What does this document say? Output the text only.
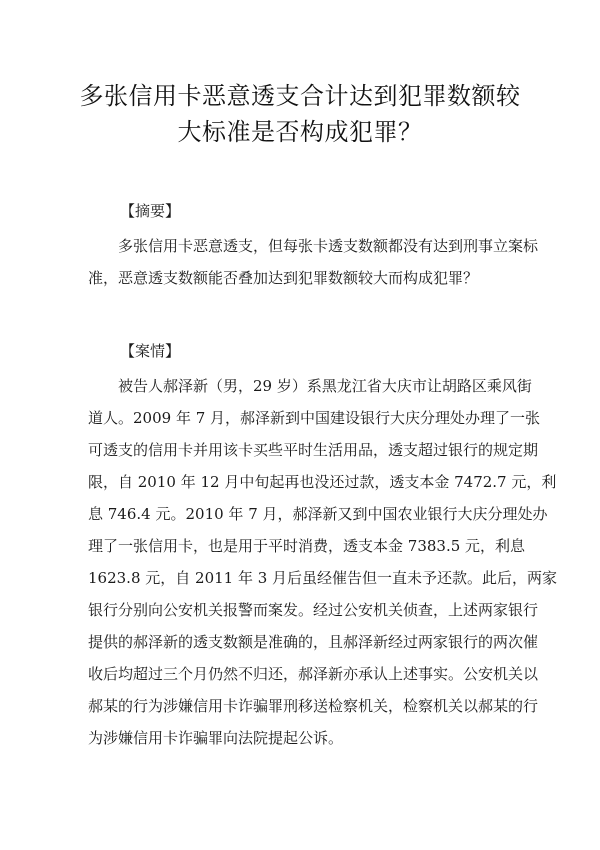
多张信用卡恶意透支合计达到犯罪数额较
大标准是否构成犯罪？
【摘要】
多张信用卡恶意透支，但每张卡透支数额都没有达到刑事立案标
准，恶意透支数额能否叠加达到犯罪数额较大而构成犯罪？
【案情】
被告人郝泽新（男，29 岁）系黑龙江省大庆市让胡路区乘风街
道人。2009 年 7 月，郝泽新到中国建设银行大庆分理处办理了一张
可透支的信用卡并用该卡买些平时生活用品，透支超过银行的规定期
限，自 2010 年 12 月中旬起再也没还过款，透支本金 7472.7 元，利
息 746.4 元。2010 年 7 月，郝泽新又到中国农业银行大庆分理处办
理了一张信用卡，也是用于平时消费，透支本金 7383.5 元，利息
1623.8 元，自 2011 年 3 月后虽经催告但一直未予还款。此后，两家
银行分别向公安机关报警而案发。经过公安机关侦查，上述两家银行
提供的郝泽新的透支数额是准确的，且郝泽新经过两家银行的两次催
收后均超过三个月仍然不归还，郝泽新亦承认上述事实。公安机关以
郝某的行为涉嫌信用卡诈骗罪刑移送检察机关，检察机关以郝某的行
为涉嫌信用卡诈骗罪向法院提起公诉。
